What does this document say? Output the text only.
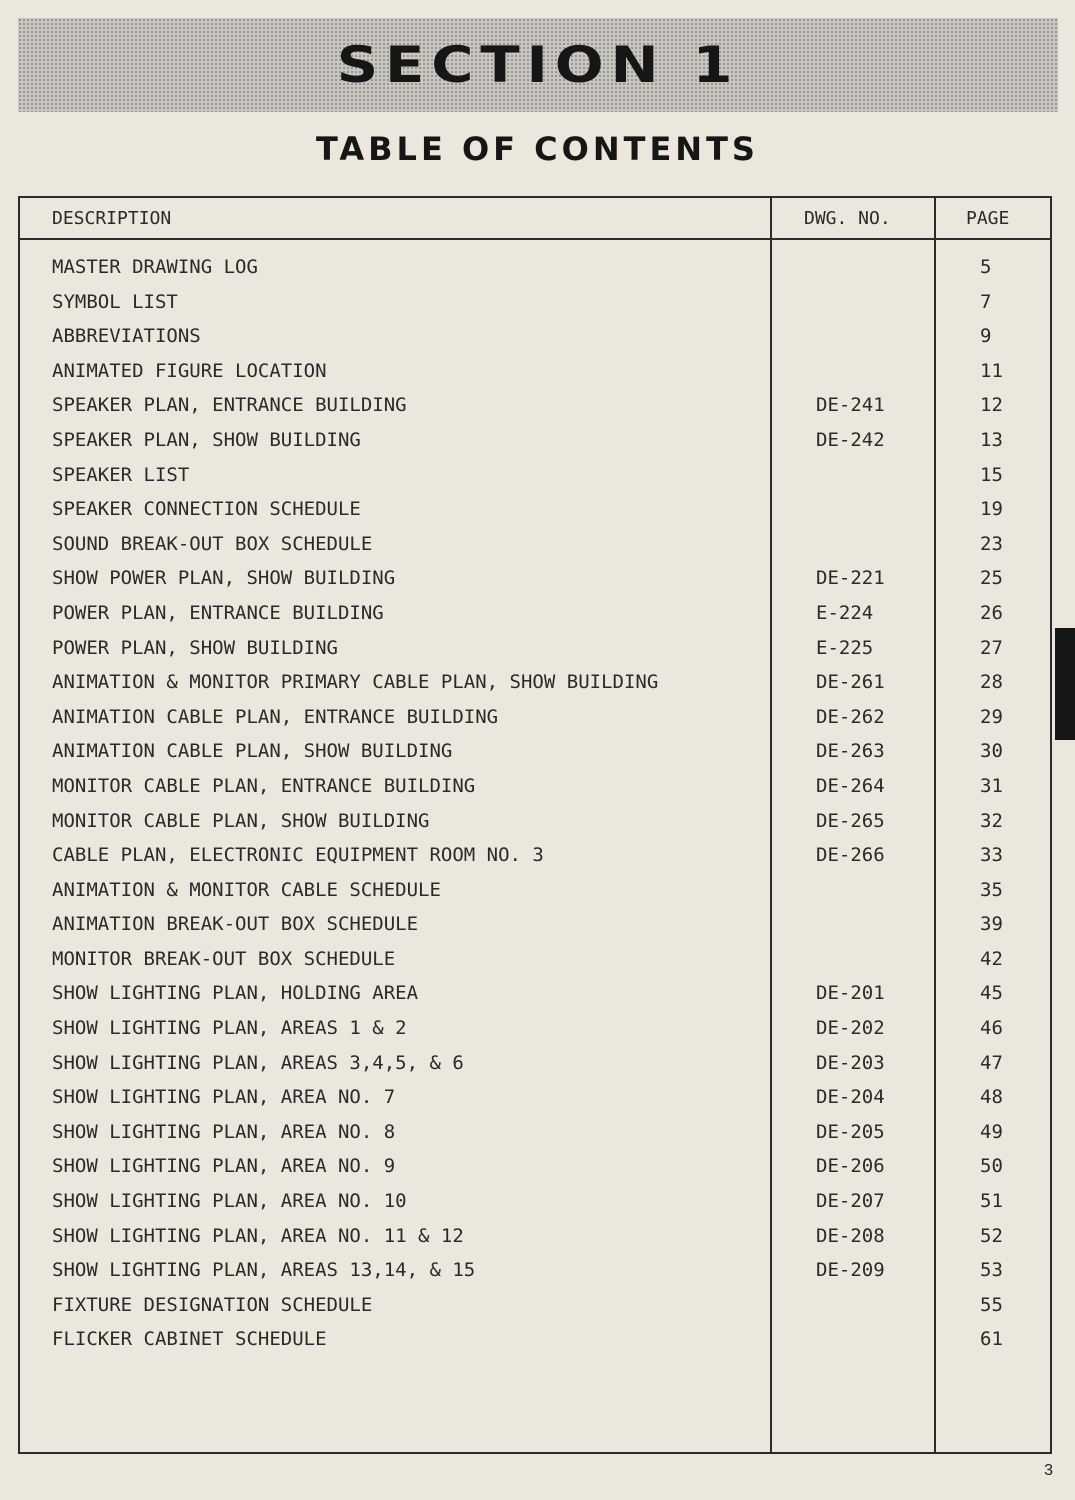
SECTION 1
TABLE OF CONTENTS
DESCRIPTION	DWG. NO.	PAGE
MASTER DRAWING LOG	5
SYMBOL LIST	7
ABBREVIATIONS	9
ANIMATED FIGURE LOCATION	11
SPEAKER PLAN, ENTRANCE BUILDING	DE-241	12
SPEAKER PLAN, SHOW BUILDING	DE-242	13
SPEAKER LIST	15
SPEAKER CONNECTION SCHEDULE	19
SOUND BREAK-OUT BOX SCHEDULE	23
SHOW POWER PLAN, SHOW BUILDING	DE-221	25
POWER PLAN, ENTRANCE BUILDING	E-224	26
POWER PLAN, SHOW BUILDING	E-225	27
ANIMATION & MONITOR PRIMARY CABLE PLAN, SHOW BUILDING	DE-261	28
ANIMATION CABLE PLAN, ENTRANCE BUILDING	DE-262	29
ANIMATION CABLE PLAN, SHOW BUILDING	DE-263	30
MONITOR CABLE PLAN, ENTRANCE BUILDING	DE-264	31
MONITOR CABLE PLAN, SHOW BUILDING	DE-265	32
CABLE PLAN, ELECTRONIC EQUIPMENT ROOM NO. 3	DE-266	33
ANIMATION & MONITOR CABLE SCHEDULE	35
ANIMATION BREAK-OUT BOX SCHEDULE	39
MONITOR BREAK-OUT BOX SCHEDULE	42
SHOW LIGHTING PLAN, HOLDING AREA	DE-201	45
SHOW LIGHTING PLAN, AREAS 1 & 2	DE-202	46
SHOW LIGHTING PLAN, AREAS 3,4,5, & 6	DE-203	47
SHOW LIGHTING PLAN, AREA NO. 7	DE-204	48
SHOW LIGHTING PLAN, AREA NO. 8	DE-205	49
SHOW LIGHTING PLAN, AREA NO. 9	DE-206	50
SHOW LIGHTING PLAN, AREA NO. 10	DE-207	51
SHOW LIGHTING PLAN, AREA NO. 11 & 12	DE-208	52
SHOW LIGHTING PLAN, AREAS 13,14, & 15	DE-209	53
FIXTURE DESIGNATION SCHEDULE	55
FLICKER CABINET SCHEDULE	61
3
